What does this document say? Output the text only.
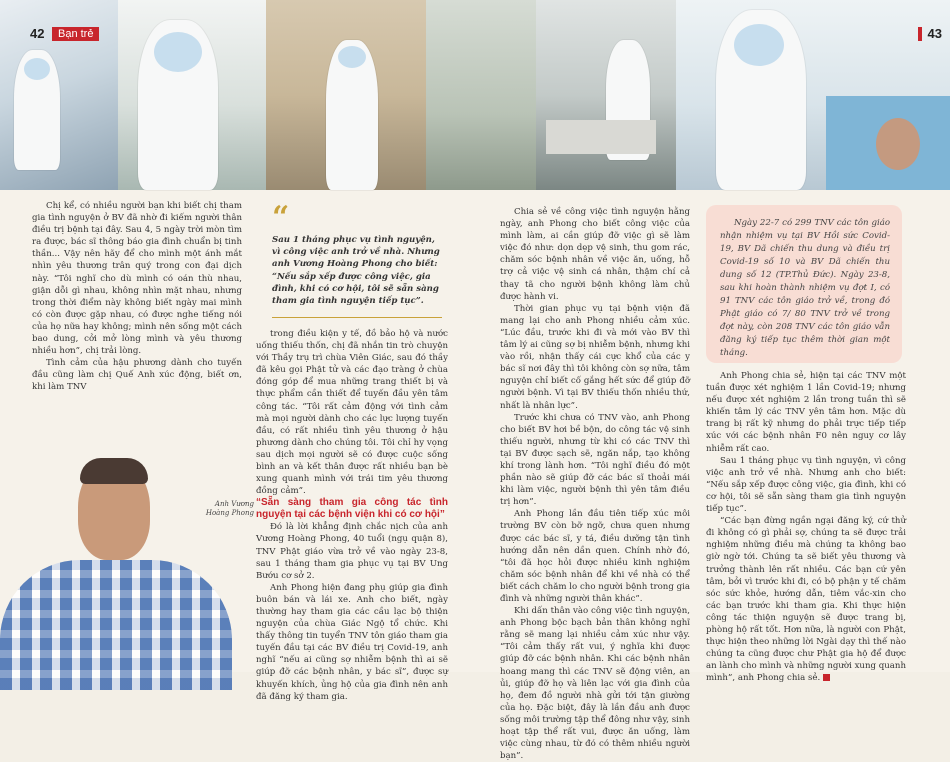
42	Bạn trẻ	43

Chị kể, có nhiều người bạn khi biết chị tham gia tình nguyện ở BV đã nhờ đi kiếm người thân điều trị bệnh tại đây. Sau 4, 5 ngày trời mòn tìm ra được, bác sĩ thông báo gia đình chuẩn bị tinh thần... Vậy nên hãy để cho mình một ánh mắt nhìn yêu thương trân quý trong con đại dịch này. “Tôi nghĩ cho dù mình có oán thù nhau, giận dỗi gì nhau, không nhìn mặt nhau, nhưng trong thời điểm này không biết ngày mai mình có còn được gặp nhau, có được nghe tiếng nói của họ nữa hay không; mình nên sống một cách bao dung, cởi mở lòng mình và yêu thương nhiều hơn”, chị trải lòng.

Tình cảm của hậu phương dành cho tuyến đầu cũng làm chị Quế Anh xúc động, biết ơn, khi làm TNV

“
Sau 1 tháng phục vụ tình nguyện, vì công việc anh trở về nhà. Nhưng anh Vương Hoàng Phong cho biết: “Nếu sắp xếp được công việc, gia đình, khi có cơ hội, tôi sẽ sẵn sàng tham gia tình nguyện tiếp tục”.

trong điều kiện y tế, đồ bảo hộ và nước uống thiếu thốn, chị đã nhắn tin trò chuyện với Thầy trụ trì chùa Viên Giác, sau đó thầy đã kêu gọi Phật tử và các đạo tràng ở chùa đóng góp để mua những trang thiết bị và thực phẩm cần thiết để tuyến đầu yên tâm công tác. “Tôi rất cảm động với tình cảm mà mọi người dành cho các lực lượng tuyến đầu, có rất nhiều tình yêu thương ở hậu phương dành cho chúng tôi. Tôi chỉ hy vọng sau dịch mọi người sẽ có được cuộc sống bình an và kết thân được rất nhiều bạn bè xung quanh mình với trái tim yêu thương đồng cảm”.

“Sẵn sàng tham gia công tác tình nguyện tại các bệnh viện khi có cơ hội”

Đó là lời khẳng định chắc nịch của anh Vương Hoàng Phong, 40 tuổi (ngụ quận 8), TNV Phật giáo vừa trở về vào ngày 23-8, sau 1 tháng tham gia phục vụ tại BV Ung Bướu cơ sở 2.

Anh Phong hiện đang phụ giúp gia đình buôn bán và lái xe. Anh cho biết, ngày thường hay tham gia các cầu lạc bộ thiện nguyện của chùa Giác Ngộ tổ chức. Khi thấy thông tin tuyển TNV tôn giáo tham gia tuyến đầu tại các BV điều trị Covid-19, anh nghĩ “nếu ai cũng sợ nhiễm bệnh thì ai sẽ giúp đỡ các bệnh nhân, y bác sĩ”, được sự khuyến khích, ủng hộ của gia đình nên anh đã đăng ký tham gia.

Anh Vương Hoàng Phong

Chia sẻ về công việc tình nguyện hằng ngày, anh Phong cho biết công việc của mình làm, ai cần giúp đỡ việc gì sẽ làm việc đó như: dọn dẹp vệ sinh, thu gom rác, chăm sóc bệnh nhân về việc ăn, uống, hỗ trợ cả việc vệ sinh cá nhân, thậm chí cả thay tã cho người bệnh không làm chủ được hành vi.

Thời gian phục vụ tại bệnh viện đã mang lại cho anh Phong nhiều cảm xúc. “Lúc đầu, trước khi đi và mới vào BV thì tâm lý ai cũng sợ bị nhiễm bệnh, nhưng khi vào rồi, nhận thấy cái cực khổ của các y bác sĩ nơi đây thì tôi không còn sợ nữa, tâm nguyện chỉ biết cố gắng hết sức để giúp đỡ người bệnh. Vì tại BV thiếu thốn nhiều thứ, nhất là nhân lực”.

Trước khi chưa có TNV vào, anh Phong cho biết BV hơi bề bộn, do công tác vệ sinh thiếu người, nhưng từ khi có các TNV thì tại BV được sạch sẽ, ngăn nắp, tạo không khí trong lành hơn. “Tôi nghĩ điều đó một phần nào sẽ giúp đỡ các bác sĩ thoải mái khi làm việc, người bệnh thì yên tâm điều trị hơn”.

Anh Phong lần đầu tiên tiếp xúc môi trường BV còn bỡ ngỡ, chưa quen nhưng được các bác sĩ, y tá, điều dưỡng tận tình hướng dẫn nên dần quen. Chính nhờ đó, “tôi đã học hỏi được nhiều kinh nghiệm chăm sóc bệnh nhân để khi về nhà có thể biết cách chăm lo cho người bệnh trong gia đình và những người thân khác”.

Khi dấn thân vào công việc tình nguyện, anh Phong bộc bạch bản thân không nghĩ rằng sẽ mang lại nhiều cảm xúc như vậy. “Tôi cảm thấy rất vui, ý nghĩa khi được giúp đỡ các bệnh nhân. Khi các bệnh nhân hoang mang thì các TNV sẽ động viên, an ủi, giúp đỡ họ và liên lạc với gia đình của họ, đem đồ người nhà gửi tới tận giường của họ. Đặc biệt, đây là lần đầu anh được sống môi trường tập thể đông như vậy, sinh hoạt tập thể rất vui, được ăn uống, làm việc cùng nhau, từ đó có thêm nhiều người bạn”.

Ngày 22-7 có 299 TNV các tôn giáo nhận nhiệm vụ tại BV Hồi sức Covid-19, BV Dã chiến thu dung và điều trị Covid-19 số 10 và BV Dã chiến thu dung số 12 (TP.Thủ Đức). Ngày 23-8, sau khi hoàn thành nhiệm vụ đợt I, có 91 TNV các tôn giáo trở về, trong đó Phật giáo có 7/ 80 TNV trở về trong đợt này, còn 208 TNV các tôn giáo vẫn đăng ký tiếp tục thêm thời gian một tháng.

Anh Phong chia sẻ, hiện tại các TNV một tuần được xét nghiệm 1 lần Covid-19; nhưng nếu được xét nghiệm 2 lần trong tuần thì sẽ khiến tâm lý các TNV yên tâm hơn. Mặc dù trang bị rất kỹ nhưng do phải trực tiếp tiếp xúc với các bệnh nhân F0 nên nguy cơ lây nhiễm rất cao.

Sau 1 tháng phục vụ tình nguyện, vì công việc anh trở về nhà. Nhưng anh cho biết: “Nếu sắp xếp được công việc, gia đình, khi có cơ hội, tôi sẽ sẵn sàng tham gia tình nguyện tiếp tục”.

“Các bạn đừng ngần ngại đăng ký, cứ thử đi không có gì phải sợ, chúng ta sẽ được trải nghiệm những điều mà chúng ta không bao giờ ngờ tới. Chúng ta sẽ biết yêu thương và trưởng thành lên rất nhiều. Các bạn cứ yên tâm, bởi vì trước khi đi, có bộ phận y tế chăm sóc sức khỏe, hướng dẫn, tiêm vắc-xin cho các bạn trước khi tham gia. Khi thực hiện công tác thiện nguyện sẽ được trang bị, phòng hộ rất tốt. Hơn nữa, là người con Phật, thực hiện theo những lời Ngài dạy thì thế nào chúng ta cũng được chư Phật gia hộ để được an lành cho mình và những người xung quanh mình”, anh Phong chia sẻ.
